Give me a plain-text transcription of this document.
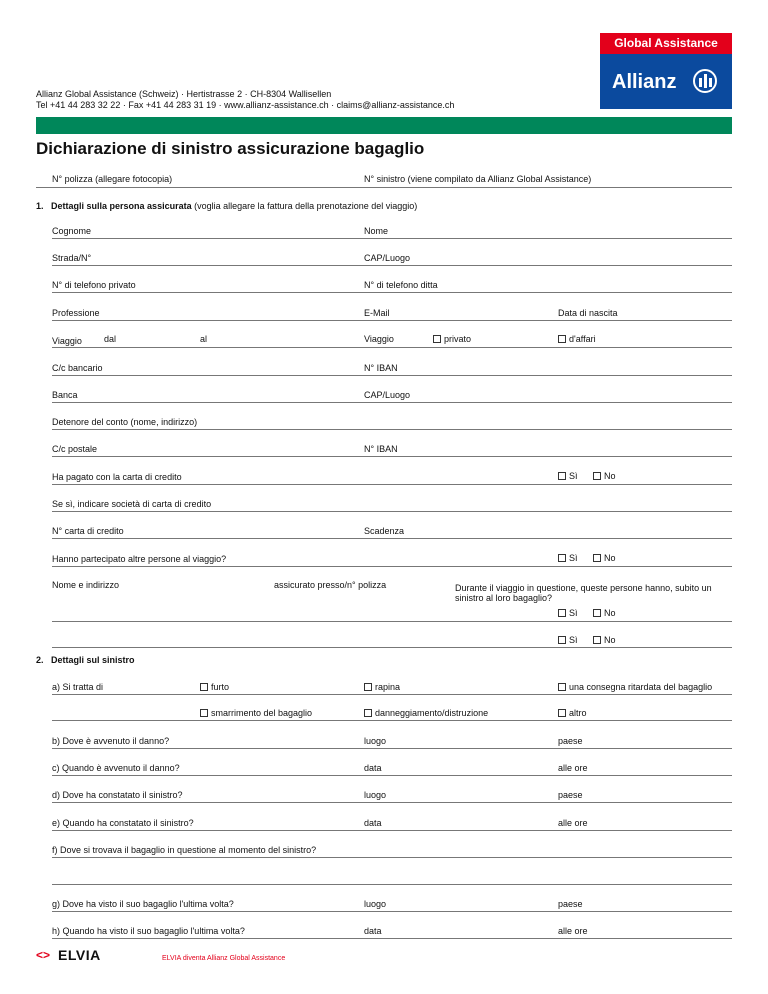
Global Assistance
Allianz
Allianz Global Assistance (Schweiz) · Hertistrasse 2 · CH-8304 Wallisellen
Tel +41 44 283 32 22 · Fax +41 44 283 31 19 · www.allianz-assistance.ch · claims@allianz-assistance.ch
Dichiarazione di sinistro assicurazione bagaglio
N° polizza (allegare fotocopia)	N° sinistro (viene compilato da Allianz Global Assistance)
1. Dettagli sulla persona assicurata (voglia allegare la fattura della prenotazione del viaggio)
Cognome	Nome
Strada/N°	CAP/Luogo
N° di telefono privato	N° di telefono ditta
Professione	E-Mail	Data di nascita
Viaggio dal	al	Viaggio	privato	d'affari
C/c bancario	N° IBAN
Banca	CAP/Luogo
Detenore del conto (nome, indirizzo)
C/c postale	N° IBAN
Ha pagato con la carta di credito	Sì	No
Se sì, indicare società di carta di credito
N° carta di credito	Scadenza
Hanno partecipato altre persone al viaggio?	Sì	No
Nome e indirizzo	assicurato presso/n° polizza	Durante il viaggio in questione, queste persone hanno, subito un
sinistro al loro bagaglio?
Sì	No
Sì	No
2. Dettagli sul sinistro
a) Si tratta di	furto	rapina	una consegna ritardata del bagaglio
smarrimento del bagaglio	danneggiamento/distruzione	altro
b) Dove è avvenuto il danno?	luogo	paese
c) Quando è avvenuto il danno?	data	alle ore
d) Dove ha constatato il sinistro?	luogo	paese
e) Quando ha constatato il sinistro?	data	alle ore
f) Dove si trovava il bagaglio in questione al momento del sinistro?
g) Dove ha visto il suo bagaglio l'ultima volta?	luogo	paese
h) Quando ha visto il suo bagaglio l'ultima volta?	data	alle ore
<> ELVIA	ELVIA diventa Allianz Global Assistance
